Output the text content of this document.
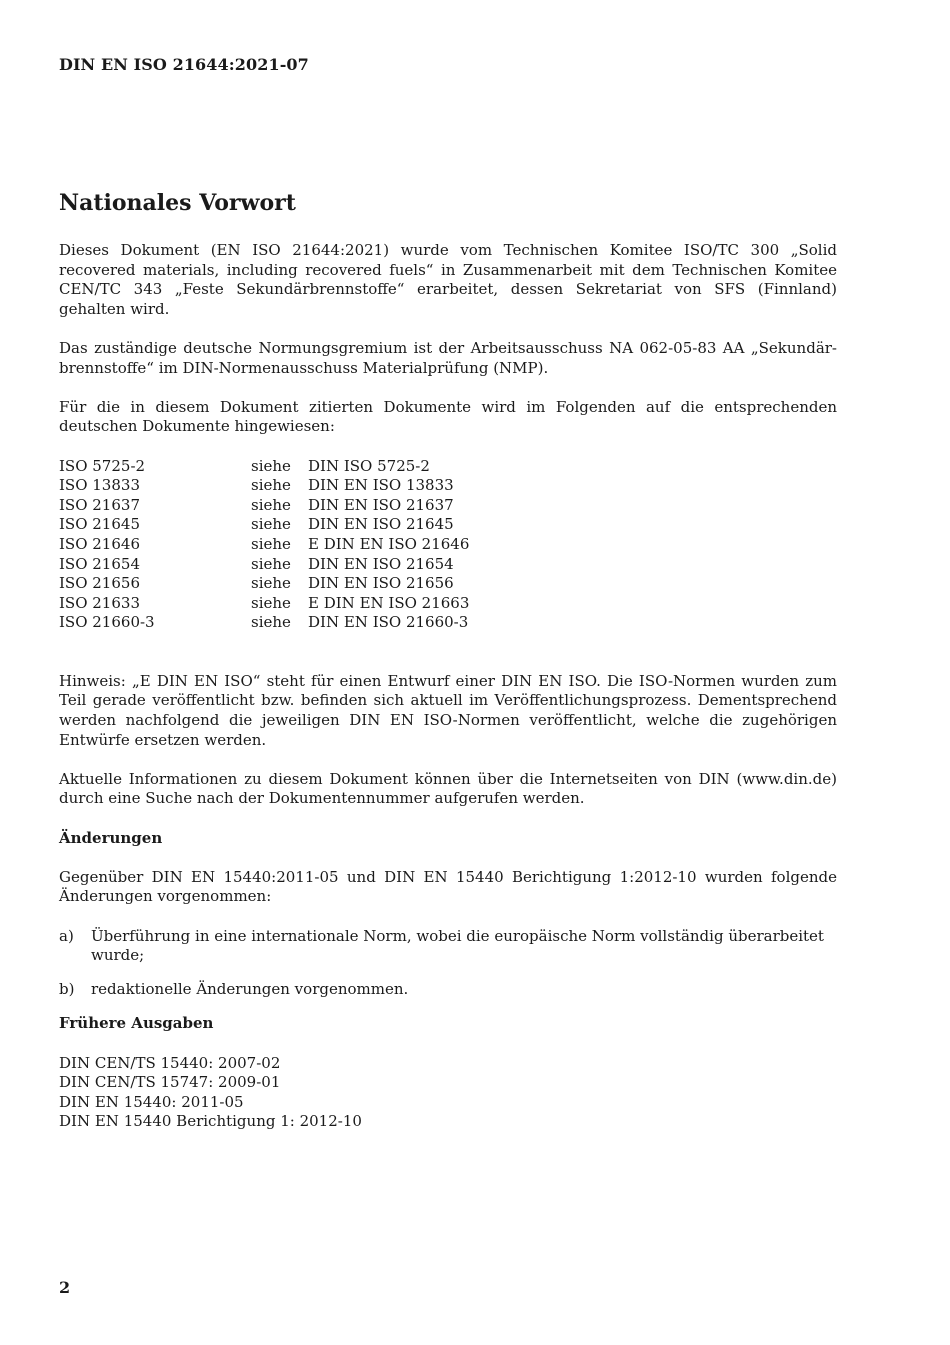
DIN EN ISO 21644:2021-07
Nationales Vorwort

Dieses Dokument (EN ISO 21644:2021) wurde vom Technischen Komitee ISO/TC 300 „Solid recovered materials, including recovered fuels“ in Zusammenarbeit mit dem Technischen Komitee CEN/TC 343 „Feste Sekundärbrennstoffe“ erarbeitet, dessen Sekretariat von SFS (Finnland) gehalten wird.

Das zuständige deutsche Normungsgremium ist der Arbeitsausschuss NA 062-05-83 AA „Sekundär-brennstoffe“ im DIN-Normenausschuss Materialprüfung (NMP).

Für die in diesem Dokument zitierten Dokumente wird im Folgenden auf die entsprechenden deutschen Dokumente hingewiesen:

ISO 5725-2	siehe	DIN ISO 5725-2
ISO 13833	siehe	DIN EN ISO 13833
ISO 21637	siehe	DIN EN ISO 21637
ISO 21645	siehe	DIN EN ISO 21645
ISO 21646	siehe	E DIN EN ISO 21646
ISO 21654	siehe	DIN EN ISO 21654
ISO 21656	siehe	DIN EN ISO 21656
ISO 21633	siehe	E DIN EN ISO 21663
ISO 21660-3	siehe	DIN EN ISO 21660-3

Hinweis: „E DIN EN ISO“ steht für einen Entwurf einer DIN EN ISO. Die ISO-Normen wurden zum Teil gerade veröffentlicht bzw. befinden sich aktuell im Veröffentlichungsprozess. Dementsprechend werden nachfolgend die jeweiligen DIN EN ISO-Normen veröffentlicht, welche die zugehörigen Entwürfe ersetzen werden.

Aktuelle Informationen zu diesem Dokument können über die Internetseiten von DIN (www.din.de) durch eine Suche nach der Dokumentennummer aufgerufen werden.

Änderungen

Gegenüber DIN EN 15440:2011-05 und DIN EN 15440 Berichtigung 1:2012-10 wurden folgende Änderungen vorgenommen:

a)	Überführung in eine internationale Norm, wobei die europäische Norm vollständig überarbeitet wurde;
b)	redaktionelle Änderungen vorgenommen.
Frühere Ausgaben
DIN CEN/TS 15440: 2007-02
DIN CEN/TS 15747: 2009-01
DIN EN 15440: 2011-05
DIN EN 15440 Berichtigung 1: 2012-10
2
